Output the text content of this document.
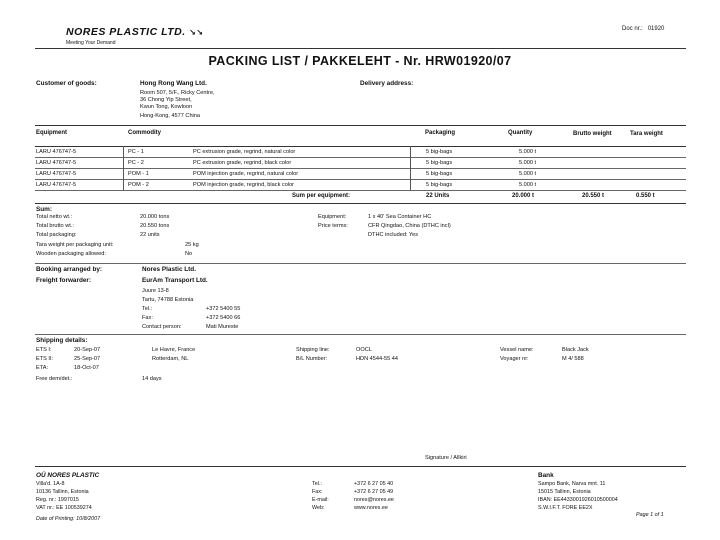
NORES PLASTIC LTD. ↘↘
Meeting Your Demand
Doc nr.: 01920
PACKING LIST / PAKKELEHT - Nr. HRW01920/07
Customer of goods:	Hong Rong Wang Ltd.
Room 507, 5/F., Ricky Centre,
36 Chong Yip Street,
Kwun Tong, Kowloon
Hong-Kong, 4577 China
Delivery address:
Equipment	Commodity	Packaging	Quantity	Brutto weight	Tara weight
LARU 476747-5	PC - 1	PC extrusion grade, regrind, natural color	5 big-bags	5.000 t
LARU 476747-5	PC - 2	PC extrusion grade, regrind, black color	5 big-bags	5.000 t
LARU 476747-5	POM - 1	POM injection grade, regrind, natural color	5 big-bags	5.000 t
LARU 476747-5	POM - 2	POM injection grade, regrind, black color	5 big-bags	5.000 t
Sum per equipment:	22 Units	20.000 t	20.550 t	0.550 t
Sum:
Total netto wt.:	20.000 tons
Total brutto wt.:	20.550 tons
Total packaging:	22 units
Tara weight per packaging unit:	25 kg
Wooden packaging allowed:	No
Equipment:	1 x 40' Sea Container HC
Price terms:	CFR Qingdao, China (DTHC incl)
DTHC included: Yes
Booking arranged by:	Nores Plastic Ltd.
Freight forwarder:	EurAm Transport Ltd.
Juure 13-8
Tartu, 74788 Estonia
Tel.:	+372 5400 55
Fax:	+372 5400 66
Contact person:	Mati Mureste
Shipping details:
ETS I:	20-Sep-07
ETS II:	25-Sep-07
ETA:	18-Oct-07
Free dem/det.:	14 days
Le Havre, France
Rotterdam, NL
Shipping line:	OOCL
B/L Number:	HDN 4544-55 44
Vessel name:	Black Jack
Voyager nr:	M 4/ 588
Signature / Allkiri
OÜ NORES PLASTIC
Villa'd. 1A-8
10136 Tallinn, Estonia
Reg. nr.: 1997015
VAT nr.: EE 100539274
Tel.:	+372 6 27 05 40
Fax:	+372 6 27 05 49
E-mail:	nores@nores.ee
Web:	www.nores.ee
Bank
Sampo Bank, Narva mnt. 11
15015 Tallinn, Estonia
IBAN: EE4433001926010500004
S.W.I.F.T. FORE EE2X
Date of Printing: 10/8/2007
Page 1 of 1
